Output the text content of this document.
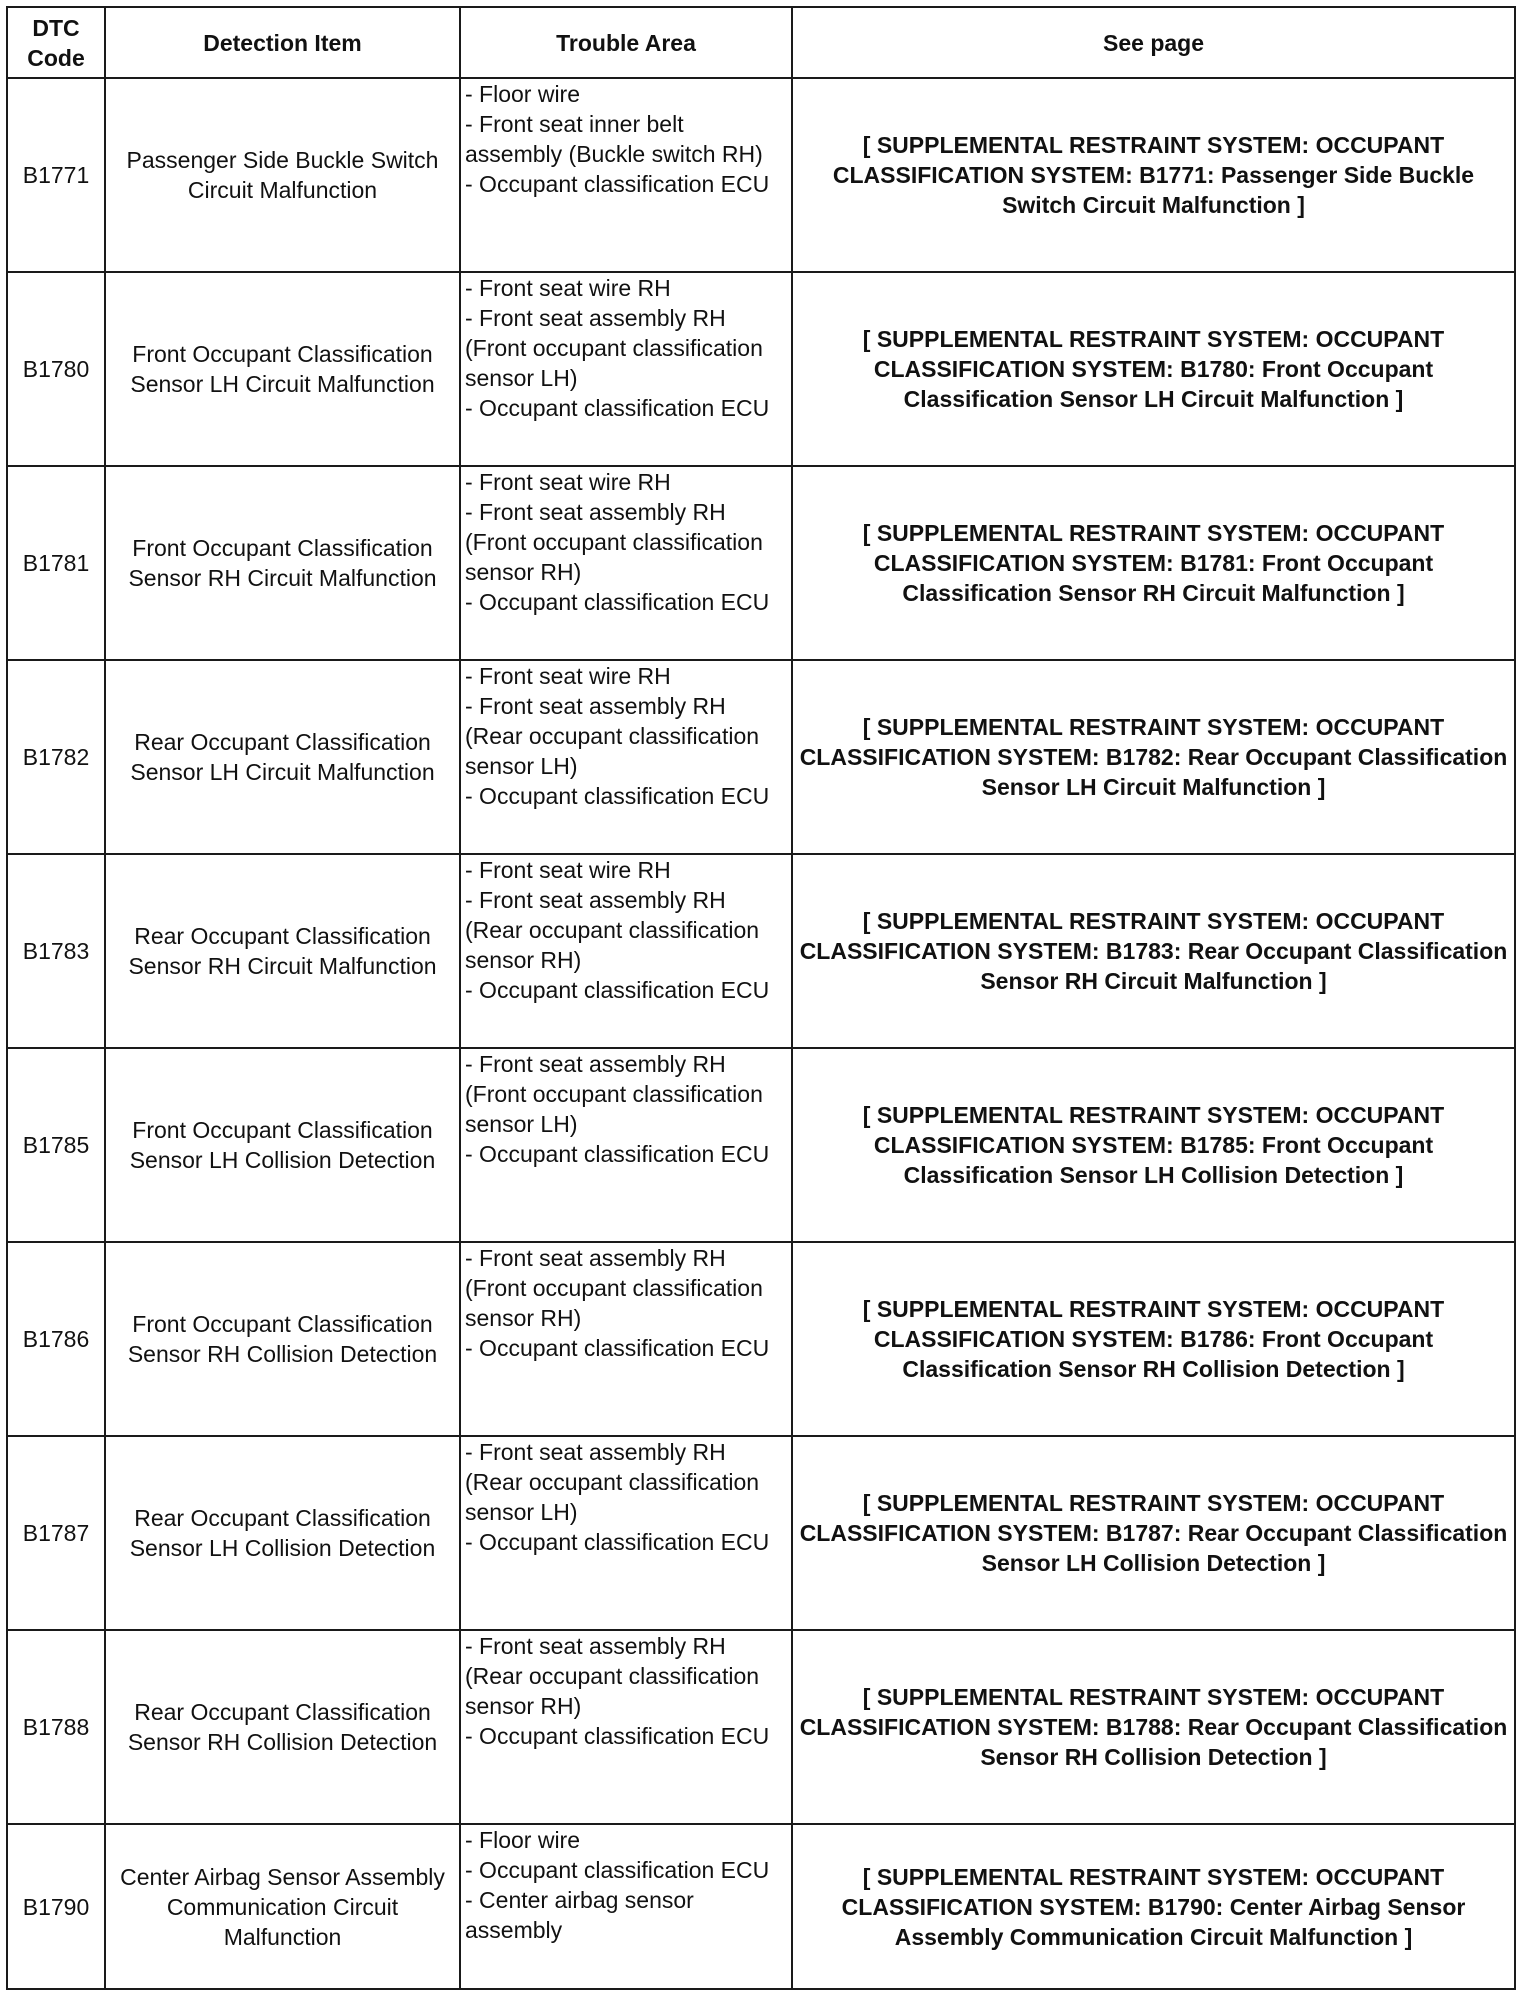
DTC
Code	Detection Item	Trouble Area	See page
B1771	Passenger Side Buckle Switch Circuit Malfunction	- Floor wire
- Front seat inner belt assembly (Buckle switch RH)
- Occupant classification ECU	[ SUPPLEMENTAL RESTRAINT SYSTEM: OCCUPANT CLASSIFICATION SYSTEM: B1771: Passenger Side Buckle Switch Circuit Malfunction ]
B1780	Front Occupant Classification Sensor LH Circuit Malfunction	- Front seat wire RH
- Front seat assembly RH (Front occupant classification sensor LH)
- Occupant classification ECU	[ SUPPLEMENTAL RESTRAINT SYSTEM: OCCUPANT CLASSIFICATION SYSTEM: B1780: Front Occupant Classification Sensor LH Circuit Malfunction ]
B1781	Front Occupant Classification Sensor RH Circuit Malfunction	- Front seat wire RH
- Front seat assembly RH (Front occupant classification sensor RH)
- Occupant classification ECU	[ SUPPLEMENTAL RESTRAINT SYSTEM: OCCUPANT CLASSIFICATION SYSTEM: B1781: Front Occupant Classification Sensor RH Circuit Malfunction ]
B1782	Rear Occupant Classification Sensor LH Circuit Malfunction	- Front seat wire RH
- Front seat assembly RH (Rear occupant classification sensor LH)
- Occupant classification ECU	[ SUPPLEMENTAL RESTRAINT SYSTEM: OCCUPANT CLASSIFICATION SYSTEM: B1782: Rear Occupant Classification Sensor LH Circuit Malfunction ]
B1783	Rear Occupant Classification Sensor RH Circuit Malfunction	- Front seat wire RH
- Front seat assembly RH (Rear occupant classification sensor RH)
- Occupant classification ECU	[ SUPPLEMENTAL RESTRAINT SYSTEM: OCCUPANT CLASSIFICATION SYSTEM: B1783: Rear Occupant Classification Sensor RH Circuit Malfunction ]
B1785	Front Occupant Classification Sensor LH Collision Detection	- Front seat assembly RH (Front occupant classification sensor LH)
- Occupant classification ECU	[ SUPPLEMENTAL RESTRAINT SYSTEM: OCCUPANT CLASSIFICATION SYSTEM: B1785: Front Occupant Classification Sensor LH Collision Detection ]
B1786	Front Occupant Classification Sensor RH Collision Detection	- Front seat assembly RH (Front occupant classification sensor RH)
- Occupant classification ECU	[ SUPPLEMENTAL RESTRAINT SYSTEM: OCCUPANT CLASSIFICATION SYSTEM: B1786: Front Occupant Classification Sensor RH Collision Detection ]
B1787	Rear Occupant Classification Sensor LH Collision Detection	- Front seat assembly RH (Rear occupant classification sensor LH)
- Occupant classification ECU	[ SUPPLEMENTAL RESTRAINT SYSTEM: OCCUPANT CLASSIFICATION SYSTEM: B1787: Rear Occupant Classification Sensor LH Collision Detection ]
B1788	Rear Occupant Classification Sensor RH Collision Detection	- Front seat assembly RH (Rear occupant classification sensor RH)
- Occupant classification ECU	[ SUPPLEMENTAL RESTRAINT SYSTEM: OCCUPANT CLASSIFICATION SYSTEM: B1788: Rear Occupant Classification Sensor RH Collision Detection ]
B1790	Center Airbag Sensor Assembly Communication Circuit Malfunction	- Floor wire
- Occupant classification ECU
- Center airbag sensor assembly	[ SUPPLEMENTAL RESTRAINT SYSTEM: OCCUPANT CLASSIFICATION SYSTEM: B1790: Center Airbag Sensor Assembly Communication Circuit Malfunction ]
